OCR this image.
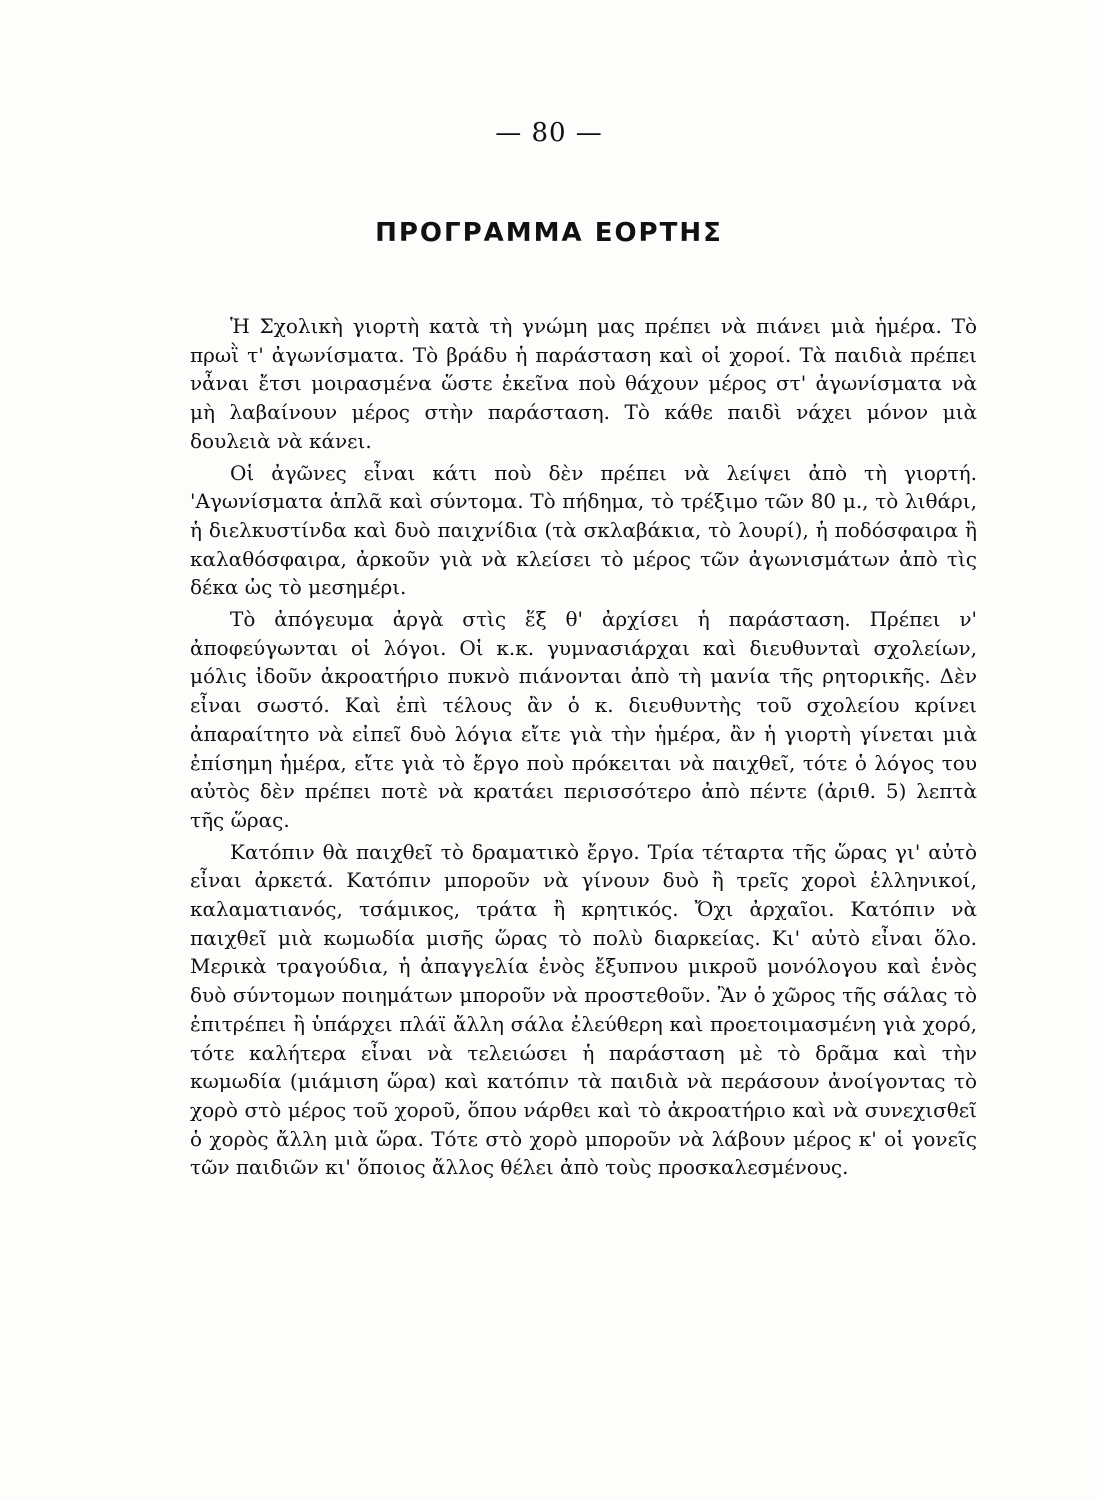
— 80 —
ΠΡΟΓΡΑΜΜΑ ΕΟΡΤΗΣ

Ἡ Σχολικὴ γιορτὴ κατὰ τὴ γνώμη μας πρέπει νὰ πιάνει μιὰ ἡμέρα. Τὸ πρωῒ τ' ἀγωνίσματα. Τὸ βράδυ ἡ παράσταση καὶ οἱ χοροί. Τὰ παιδιὰ πρέπει νἆναι ἔτσι μοιρασμένα ὥστε ἐκεῖνα ποὺ θάχουν μέρος στ' ἀγωνίσματα νὰ μὴ λαβαίνουν μέρος στὴν παράσταση. Τὸ κάθε παιδὶ νάχει μόνον μιὰ δουλειὰ νὰ κάνει.

Οἱ ἀγῶνες εἶναι κάτι ποὺ δὲν πρέπει νὰ λείψει ἀπὸ τὴ γιορτή. 'Αγωνίσματα ἁπλᾶ καὶ σύντομα. Τὸ πήδημα, τὸ τρέξιμο τῶν 80 μ., τὸ λιθάρι, ἡ διελκυστίνδα καὶ δυὸ παιχνίδια (τὰ σκλαβάκια, τὸ λουρί), ἡ ποδόσφαιρα ἢ καλαθόσφαιρα, ἀρκοῦν γιὰ νὰ κλείσει τὸ μέρος τῶν ἀγωνισμάτων ἀπὸ τὶς δέκα ὡς τὸ μεσημέρι.

Τὸ ἀπόγευμα ἀργὰ στὶς ἕξ θ' ἀρχίσει ἡ παράσταση. Πρέπει ν' ἀποφεύγωνται οἱ λόγοι. Οἱ κ.κ. γυμνασιάρχαι καὶ διευθυνταὶ σχολείων, μόλις ἰδοῦν ἀκροατήριο πυκνὸ πιάνονται ἀπὸ τὴ μανία τῆς ρητορικῆς. Δὲν εἶναι σωστό. Καὶ ἐπὶ τέλους ἂν ὁ κ. διευθυντὴς τοῦ σχολείου κρίνει ἀπαραίτητο νὰ εἰπεῖ δυὸ λόγια εἴτε γιὰ τὴν ἡμέρα, ἂν ἡ γιορτὴ γίνεται μιὰ ἐπίσημη ἡμέρα, εἴτε γιὰ τὸ ἔργο ποὺ πρόκειται νὰ παιχθεῖ, τότε ὁ λόγος του αὐτὸς δὲν πρέπει ποτὲ νὰ κρατάει περισσότερο ἀπὸ πέντε (ἀριθ. 5) λεπτὰ τῆς ὥρας.

Κατόπιν θὰ παιχθεῖ τὸ δραματικὸ ἔργο. Τρία τέταρτα τῆς ὥρας γι' αὐτὸ εἶναι ἀρκετά. Κατόπιν μποροῦν νὰ γίνουν δυὸ ἢ τρεῖς χοροὶ ἑλληνικοί, καλαματιανός, τσάμικος, τράτα ἢ κρητικός. Ὄχι ἀρχαῖοι. Κατόπιν νὰ παιχθεῖ μιὰ κωμωδία μισῆς ὥρας τὸ πολὺ διαρκείας. Κι' αὐτὸ εἶναι ὅλο. Μερικὰ τραγούδια, ἡ ἀπαγγελία ἑνὸς ἔξυπνου μικροῦ μονόλογου καὶ ἑνὸς δυὸ σύντομων ποιημάτων μποροῦν νὰ προστεθοῦν. Ἂν ὁ χῶρος τῆς σάλας τὸ ἐπιτρέπει ἢ ὑπάρχει πλάϊ ἄλλη σάλα ἐλεύθερη καὶ προετοιμασμένη γιὰ χορό, τότε καλήτερα εἶναι νὰ τελειώσει ἡ παράσταση μὲ τὸ δρᾶμα καὶ τὴν κωμωδία (μιάμιση ὥρα) καὶ κατόπιν τὰ παιδιὰ νὰ περάσουν ἀνοίγοντας τὸ χορὸ στὸ μέρος τοῦ χοροῦ, ὅπου νάρθει καὶ τὸ ἀκροατήριο καὶ νὰ συνεχισθεῖ ὁ χορὸς ἄλλη μιὰ ὥρα. Τότε στὸ χορὸ μποροῦν νὰ λάβουν μέρος κ' οἱ γονεῖς τῶν παιδιῶν κι' ὅποιος ἄλλος θέλει ἀπὸ τοὺς προσκαλεσμένους.
